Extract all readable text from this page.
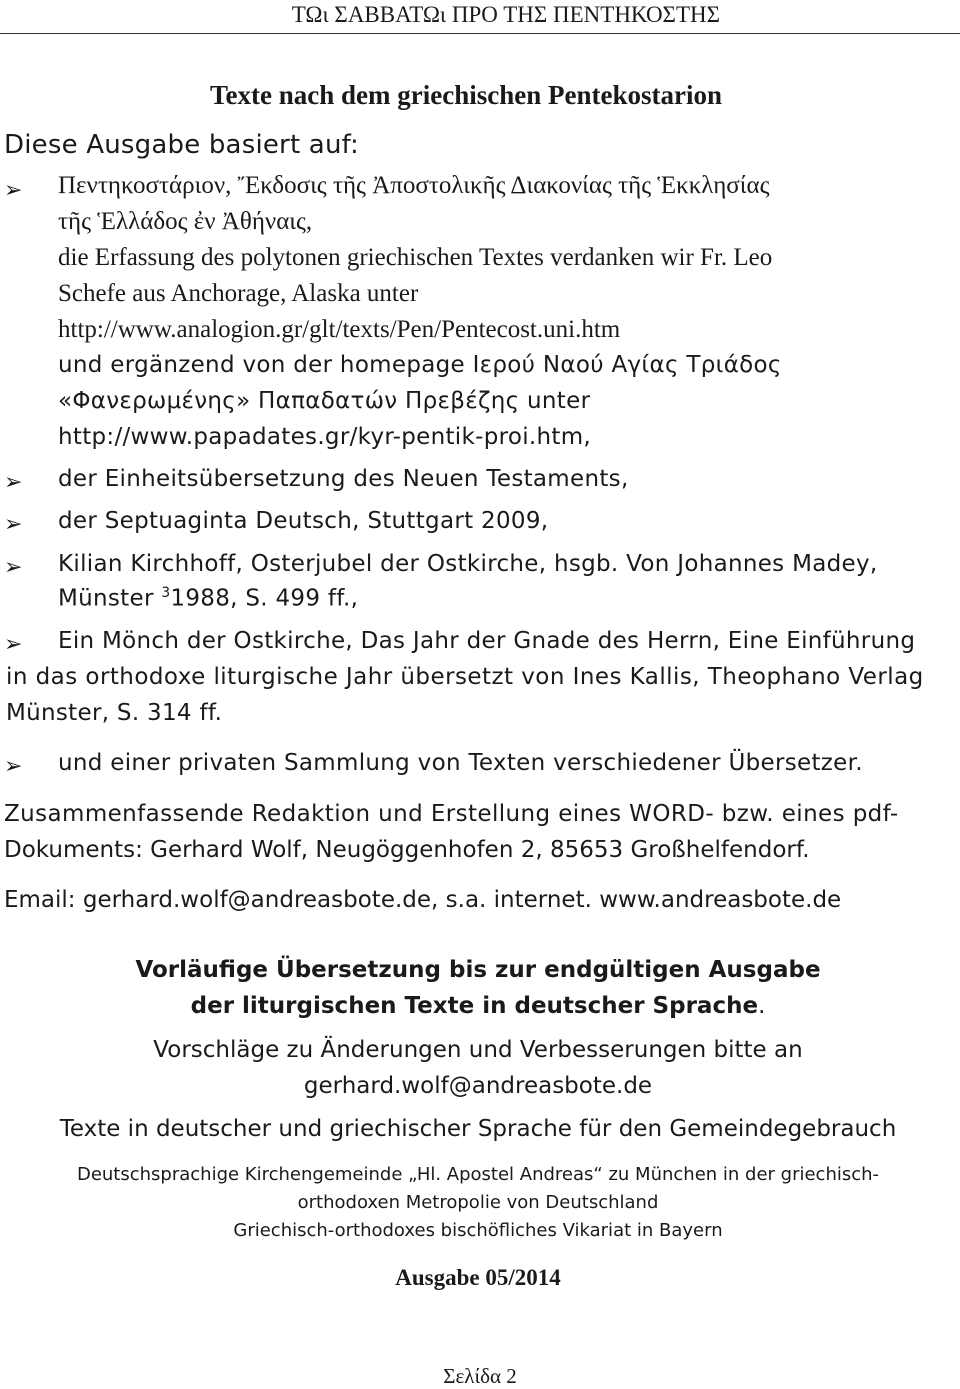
ΤΩι ΣΑΒΒΑΤΩι ΠΡΟ ΤΗΣ ΠΕΝΤΗΚΟΣΤΗΣ
Texte nach dem griechischen Pentekostarion
Diese Ausgabe basiert auf:
➢ Πεντηκοστάριον, Ἔκδοσις τῆς Ἀποστολικῆς Διακονίας τῆς Ἑκκλησίας
τῆς Ἑλλάδος ἐν Ἀθήναις,
die Erfassung des polytonen griechischen Textes verdanken wir Fr. Leo
Schefe aus Anchorage, Alaska unter
http://www.analogion.gr/glt/texts/Pen/Pentecost.uni.htm
und ergänzend von der homepage Ιερού Ναού Αγίας Τριάδος
«Φανερωμένης» Παπαδατών Πρεβέζης unter
http://www.papadates.gr/kyr-pentik-proi.htm,
➢ der Einheitsübersetzung des Neuen Testaments,
➢ der Septuaginta Deutsch, Stuttgart 2009,
➢ Kilian Kirchhoff, Osterjubel der Ostkirche, hsgb. Von Johannes Madey,
Münster $^3$1988, S. 499 ff.,
➢ Ein Mönch der Ostkirche, Das Jahr der Gnade des Herrn, Eine Einführung
in das orthodoxe liturgische Jahr übersetzt von Ines Kallis, Theophano Verlag
Münster, S. 314 ff.
➢ und einer privaten Sammlung von Texten verschiedener Übersetzer.
Zusammenfassende Redaktion und Erstellung eines WORD- bzw. eines pdf-
Dokuments: Gerhard Wolf, Neugöggenhofen 2, 85653 Großhelfendorf.
Email: gerhard.wolf@andreasbote.de, s.a. internet. www.andreasbote.de
Vorläufige Übersetzung bis zur endgültigen Ausgabe
der liturgischen Texte in deutscher Sprache.
Vorschläge zu Änderungen und Verbesserungen bitte an
gerhard.wolf@andreasbote.de
Texte in deutscher und griechischer Sprache für den Gemeindegebrauch
Deutschsprachige Kirchengemeinde „Hl. Apostel Andreas“ zu München in der griechisch-
orthodoxen Metropolie von Deutschland
Griechisch-orthodoxes bischöfliches Vikariat in Bayern
Ausgabe 05/2014
Σελίδα 2
